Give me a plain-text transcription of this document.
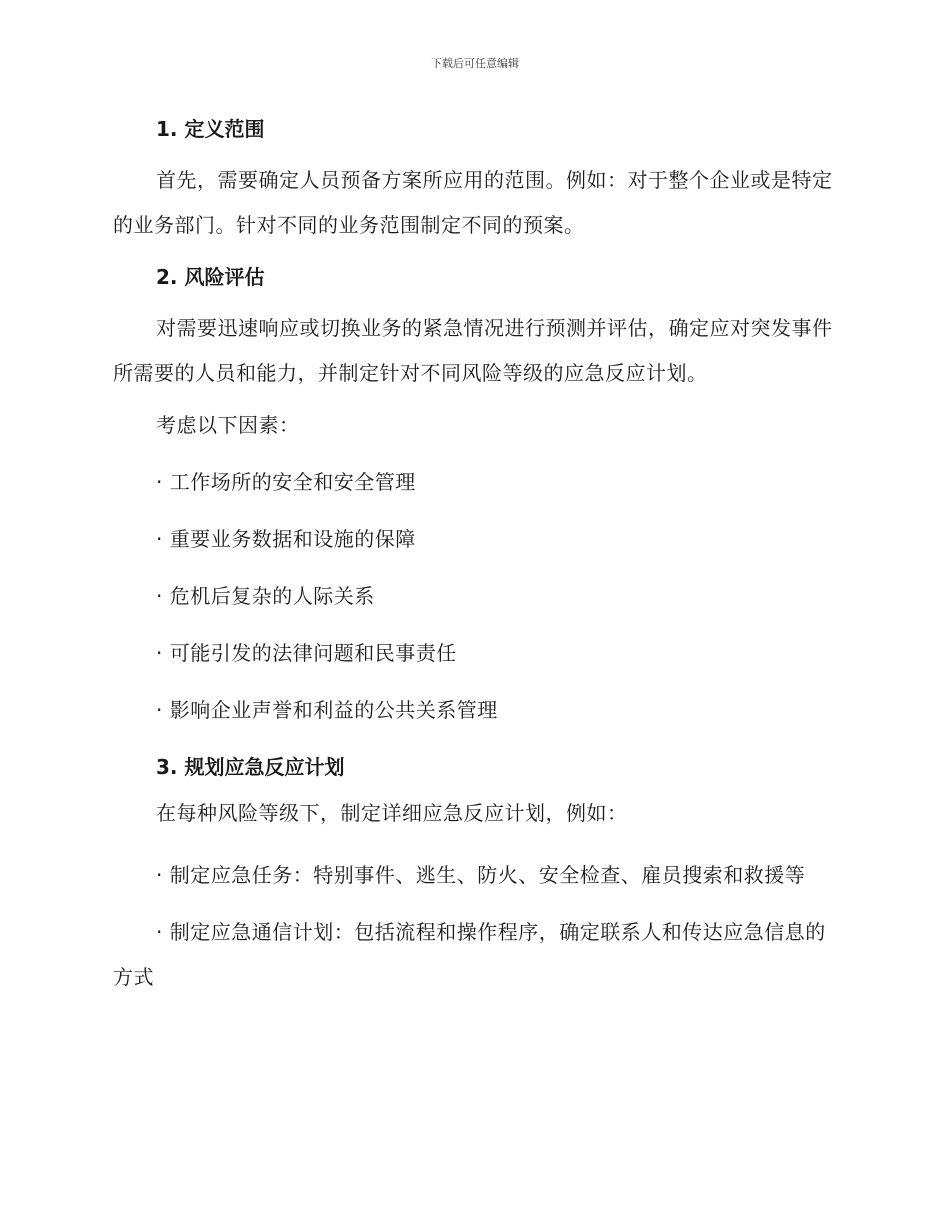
下载后可任意编辑
1. 定义范围
首先，需要确定人员预备方案所应用的范围。例如：对于整个企业或是特定的业务部门。针对不同的业务范围制定不同的预案。
2. 风险评估
对需要迅速响应或切换业务的紧急情况进行预测并评估，确定应对突发事件所需要的人员和能力，并制定针对不同风险等级的应急反应计划。
考虑以下因素：
· 工作场所的安全和安全管理
· 重要业务数据和设施的保障
· 危机后复杂的人际关系
· 可能引发的法律问题和民事责任
· 影响企业声誉和利益的公共关系管理
3. 规划应急反应计划
在每种风险等级下，制定详细应急反应计划，例如：
· 制定应急任务：特别事件、逃生、防火、安全检查、雇员搜索和救援等
· 制定应急通信计划：包括流程和操作程序，确定联系人和传达应急信息的方式
